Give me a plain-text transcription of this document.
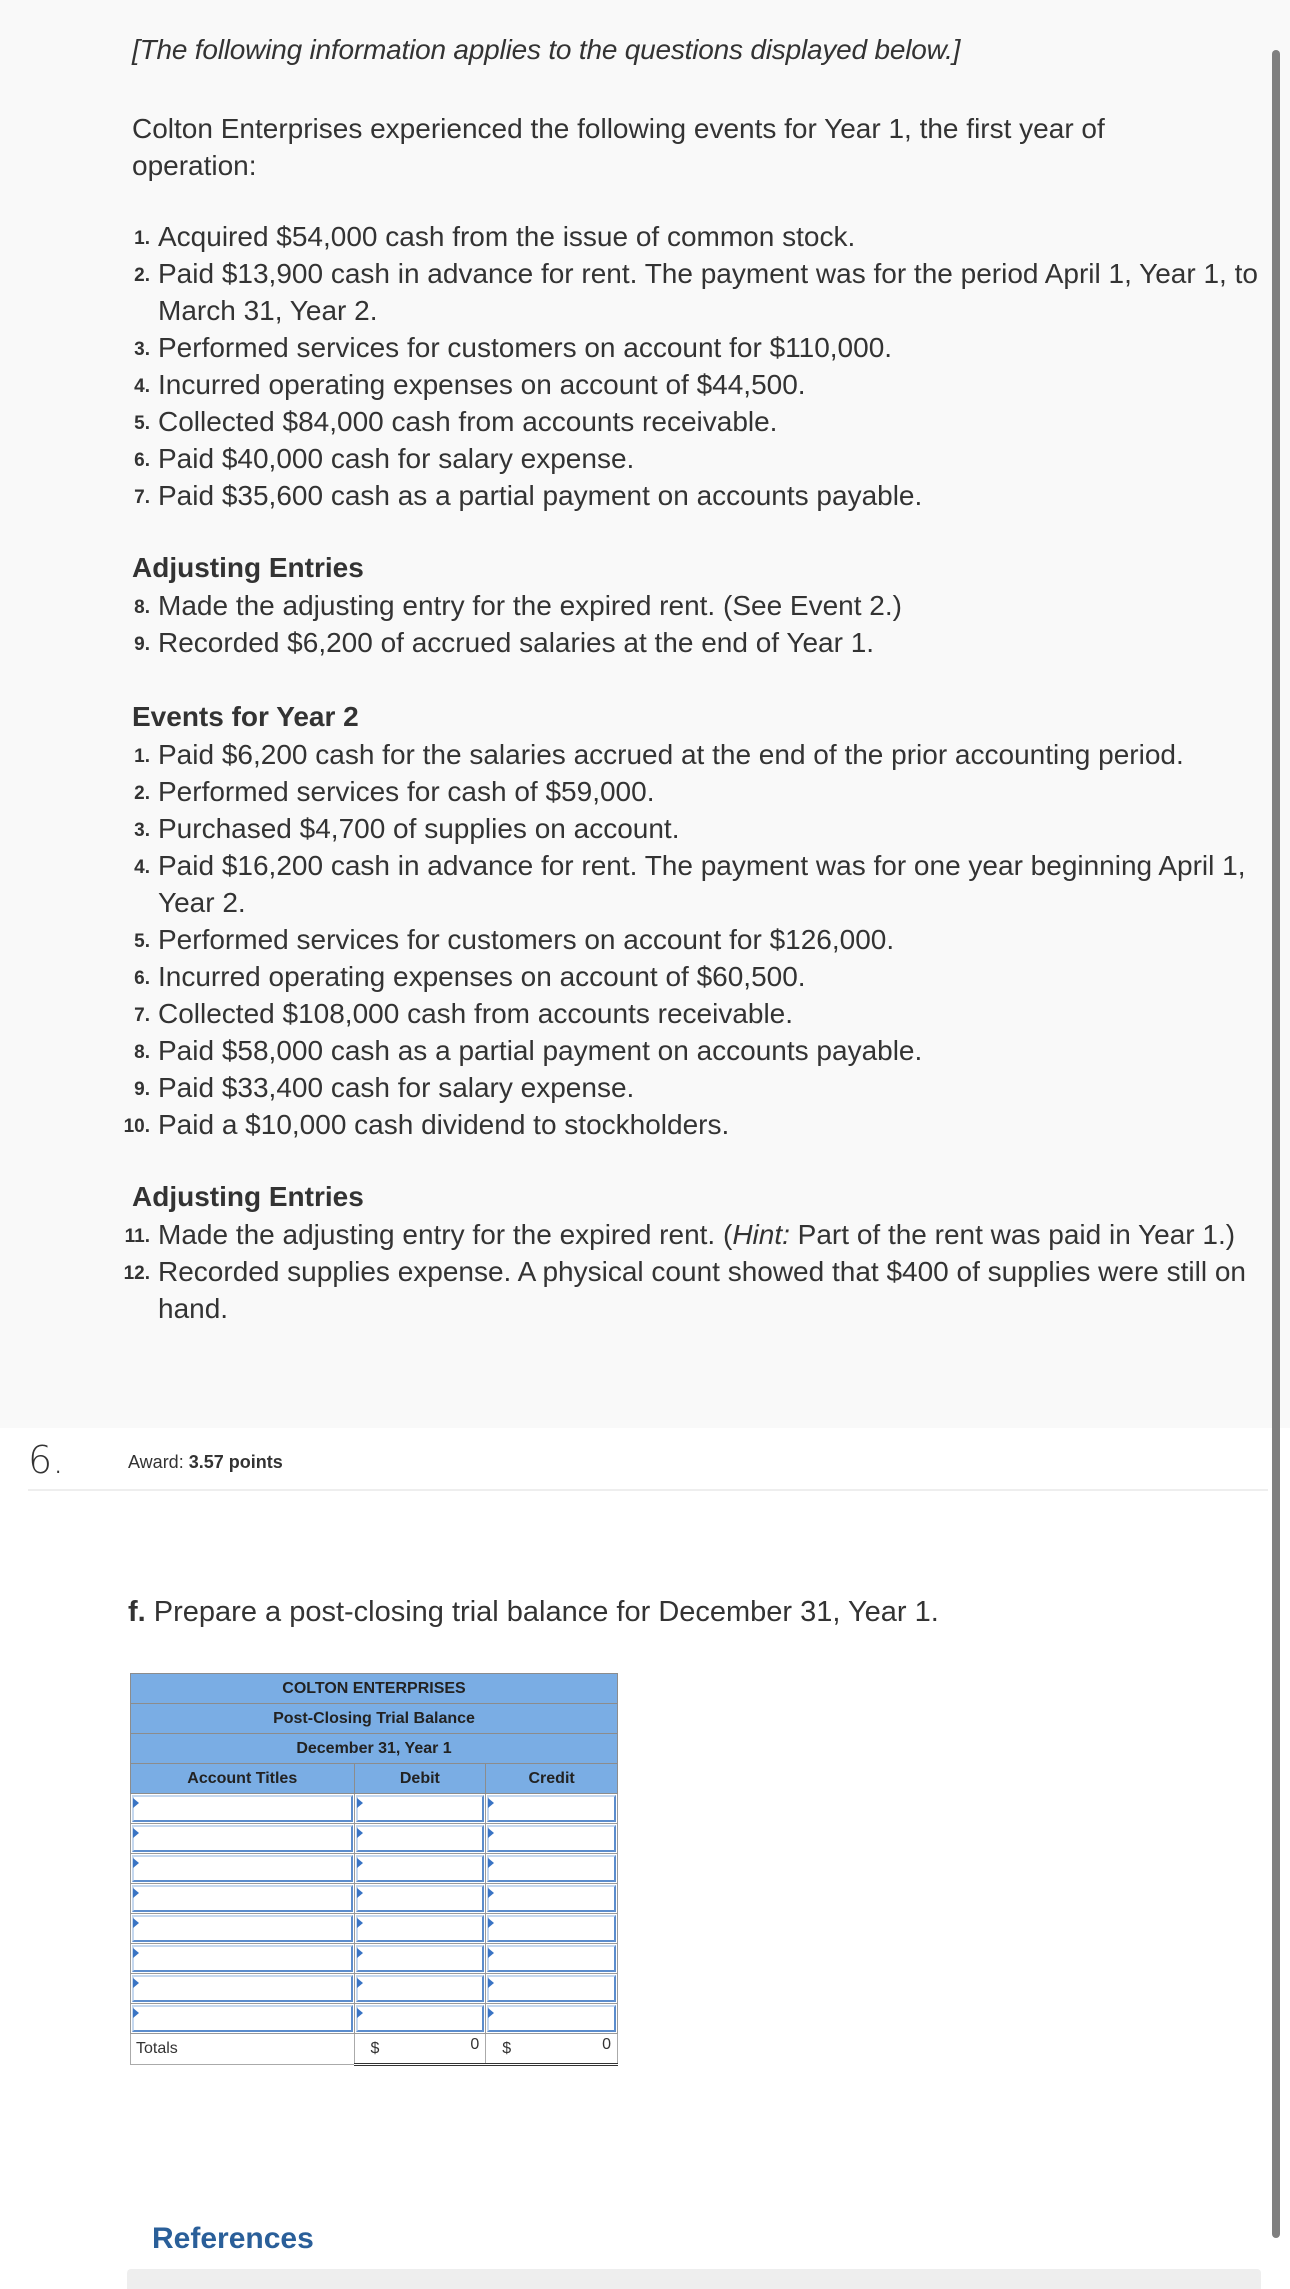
[The following information applies to the questions displayed below.]
Colton Enterprises experienced the following events for Year 1, the first year of operation:
1. Acquired $54,000 cash from the issue of common stock.
2. Paid $13,900 cash in advance for rent. The payment was for the period April 1, Year 1, to March 31, Year 2.
3. Performed services for customers on account for $110,000.
4. Incurred operating expenses on account of $44,500.
5. Collected $84,000 cash from accounts receivable.
6. Paid $40,000 cash for salary expense.
7. Paid $35,600 cash as a partial payment on accounts payable.
Adjusting Entries
8. Made the adjusting entry for the expired rent. (See Event 2.)
9. Recorded $6,200 of accrued salaries at the end of Year 1.
Events for Year 2
1. Paid $6,200 cash for the salaries accrued at the end of the prior accounting period.
2. Performed services for cash of $59,000.
3. Purchased $4,700 of supplies on account.
4. Paid $16,200 cash in advance for rent. The payment was for one year beginning April 1, Year 2.
5. Performed services for customers on account for $126,000.
6. Incurred operating expenses on account of $60,500.
7. Collected $108,000 cash from accounts receivable.
8. Paid $58,000 cash as a partial payment on accounts payable.
9. Paid $33,400 cash for salary expense.
10. Paid a $10,000 cash dividend to stockholders.
Adjusting Entries
11. Made the adjusting entry for the expired rent. (Hint: Part of the rent was paid in Year 1.)
12. Recorded supplies expense. A physical count showed that $400 of supplies were still on hand.
6.	Award: 3.57 points
f. Prepare a post-closing trial balance for December 31, Year 1.
COLTON ENTERPRISES		
Post-Closing Trial Balance		
December 31, Year 1		
Account Titles	Debit	Credit

Totals	$ 0	$ 0
References
